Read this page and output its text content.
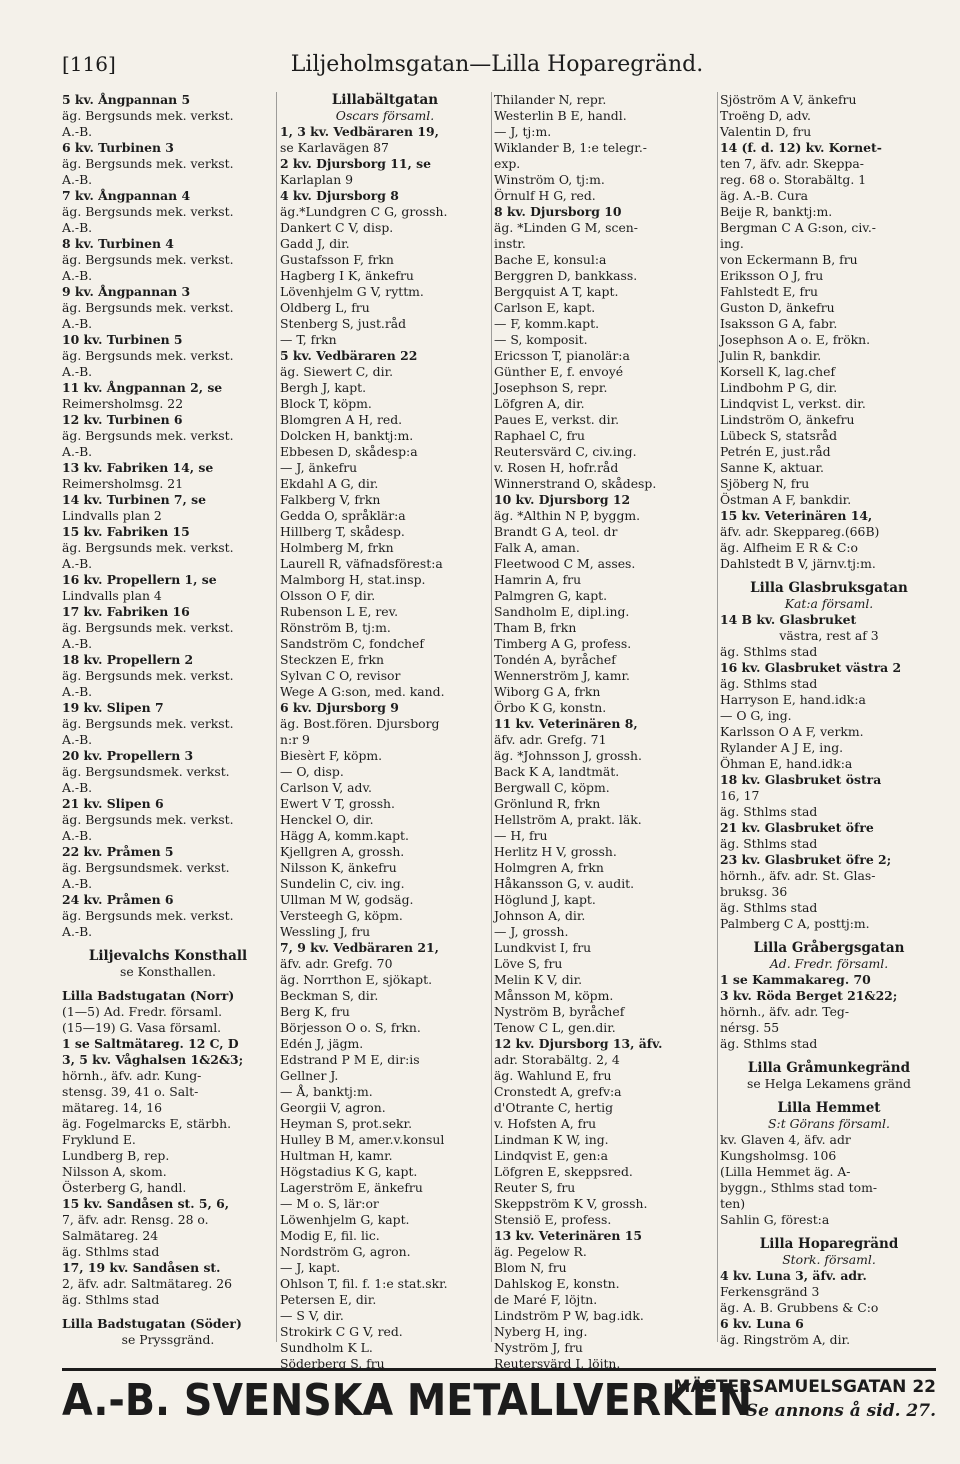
[116]	Liljeholmsgatan—Lilla Hoparegränd.
5 kv. Ångpannan 5
äg. Bergsunds mek. verkst.
A.-B.
6 kv. Turbinen 3
äg. Bergsunds mek. verkst.
A.-B.
7 kv. Ångpannan 4
äg. Bergsunds mek. verkst.
A.-B.
8 kv. Turbinen 4
äg. Bergsunds mek. verkst.
A.-B.
9 kv. Ångpannan 3
äg. Bergsunds mek. verkst.
A.-B.
10 kv. Turbinen 5
äg. Bergsunds mek. verkst.
A.-B.
11 kv. Ångpannan 2, se
Reimersholmsg. 22
12 kv. Turbinen 6
äg. Bergsunds mek. verkst.
A.-B.
13 kv. Fabriken 14, se
Reimersholmsg. 21
14 kv. Turbinen 7, se
Lindvalls plan 2
15 kv. Fabriken 15
äg. Bergsunds mek. verkst.
A.-B.
16 kv. Propellern 1, se
Lindvalls plan 4
17 kv. Fabriken 16
äg. Bergsunds mek. verkst.
A.-B.
18 kv. Propellern 2
äg. Bergsunds mek. verkst.
A.-B.
19 kv. Slipen 7
äg. Bergsunds mek. verkst.
A.-B.
20 kv. Propellern 3
äg. Bergsundsmek. verkst.
A.-B.
21 kv. Slipen 6
äg. Bergsunds mek. verkst.
A.-B.
22 kv. Pråmen 5
äg. Bergsundsmek. verkst.
A.-B.
24 kv. Pråmen 6
äg. Bergsunds mek. verkst.
A.-B.
Liljevalchs Konsthall
se Konsthallen.
Lilla Badstugatan (Norr)
(1—5) Ad. Fredr. församl.
(15—19) G. Vasa församl.
1 se Saltmätareg. 12 C, D
3, 5 kv. Våghalsen 1&2&3;
hörnh., äfv. adr. Kung-
stensg. 39, 41 o. Salt-
mätareg. 14, 16
äg. Fogelmarcks E, stärbh.
Fryklund E.
Lundberg B, rep.
Nilsson A, skom.
Österberg G, handl.
15 kv. Sandåsen st. 5, 6,
7, äfv. adr. Rensg. 28 o.
Salmätareg. 24
äg. Sthlms stad
17, 19 kv. Sandåsen st.
2, äfv. adr. Saltmätareg. 26
äg. Sthlms stad
Lilla Badstugatan (Söder)
se Pryssgränd.
Lillabältgatan
Oscars församl.
1, 3 kv. Vedbäraren 19,
se Karlavägen 87
2 kv. Djursborg 11, se
Karlaplan 9
4 kv. Djursborg 8
äg.*Lundgren C G, grossh.
Dankert C V, disp.
Gadd J, dir.
Gustafsson F, frkn
Hagberg I K, änkefru
Lövenhjelm G V, ryttm.
Oldberg L, fru
Stenberg S, just.råd
— T, frkn
5 kv. Vedbäraren 22
äg. Siewert C, dir.
Bergh J, kapt.
Block T, köpm.
Blomgren A H, red.
Dolcken H, banktj:m.
Ebbesen D, skådesp:a
— J, änkefru
Ekdahl A G, dir.
Falkberg V, frkn
Gedda O, språklär:a
Hillberg T, skådesp.
Holmberg M, frkn
Laurell R, väfnadsförest:a
Malmborg H, stat.insp.
Olsson O F, dir.
Rubenson L E, rev.
Rönström B, tj:m.
Sandström C, fondchef
Steckzen E, frkn
Sylvan C O, revisor
Wege A G:son, med. kand.
6 kv. Djursborg 9
äg. Bost.fören. Djursborg
n:r 9
Biesèrt F, köpm.
— O, disp.
Carlson V, adv.
Ewert V T, grossh.
Henckel O, dir.
Hägg A, komm.kapt.
Kjellgren A, grossh.
Nilsson K, änkefru
Sundelin C, civ. ing.
Ullman M W, godsäg.
Versteegh G, köpm.
Wessling J, fru
7, 9 kv. Vedbäraren 21,
äfv. adr. Grefg. 70
äg. Norrthon E, sjökapt.
Beckman S, dir.
Berg K, fru
Börjesson O o. S, frkn.
Edén J, jägm.
Edstrand P M E, dir:is
Gellner J.
— Å, banktj:m.
Georgii V, agron.
Heyman S, prot.sekr.
Hulley B M, amer.v.konsul
Hultman H, kamr.
Högstadius K G, kapt.
Lagerström E, änkefru
— M o. S, lär:or
Löwenhjelm G, kapt.
Modig E, fil. lic.
Nordström G, agron.
— J, kapt.
Ohlson T, fil. f. 1:e stat.skr.
Petersen E, dir.
— S V, dir.
Strokirk C G V, red.
Sundholm K L.
Söderberg S, fru
Thilander N, repr.
Westerlin B E, handl.
— J, tj:m.
Wiklander B, 1:e telegr.-
exp.
Winström O, tj:m.
Örnulf H G, red.
8 kv. Djursborg 10
äg. *Linden G M, scen-
instr.
Bache E, konsul:a
Berggren D, bankkass.
Bergquist A T, kapt.
Carlson E, kapt.
— F, komm.kapt.
— S, komposit.
Ericsson T, pianolär:a
Günther E, f. envoyé
Josephson S, repr.
Löfgren A, dir.
Paues E, verkst. dir.
Raphael C, fru
Reutersvärd C, civ.ing.
v. Rosen H, hofr.råd
Winnerstrand O, skådesp.
10 kv. Djursborg 12
äg. *Althin N P, byggm.
Brandt G A, teol. dr
Falk A, aman.
Fleetwood C M, asses.
Hamrin A, fru
Palmgren G, kapt.
Sandholm E, dipl.ing.
Tham B, frkn
Timberg A G, profess.
Tondén A, byråchef
Wennerström J, kamr.
Wiborg G A, frkn
Örbo K G, konstn.
11 kv. Veterinären 8,
äfv. adr. Grefg. 71
äg. *Johnsson J, grossh.
Back K A, landtmät.
Bergwall C, köpm.
Grönlund R, frkn
Hellström A, prakt. läk.
— H, fru
Herlitz H V, grossh.
Holmgren A, frkn
Håkansson G, v. audit.
Höglund J, kapt.
Johnson A, dir.
— J, grossh.
Lundkvist I, fru
Löve S, fru
Melin K V, dir.
Månsson M, köpm.
Nyström B, byråchef
Tenow C L, gen.dir.
12 kv. Djursborg 13, äfv.
adr. Storabältg. 2, 4
äg. Wahlund E, fru
Cronstedt A, grefv:a
d'Otrante C, hertig
v. Hofsten A, fru
Lindman K W, ing.
Lindqvist E, gen:a
Löfgren E, skeppsred.
Reuter S, fru
Skeppström K V, grossh.
Stensiö E, profess.
13 kv. Veterinären 15
äg. Pegelow R.
Blom N, fru
Dahlskog E, konstn.
de Maré F, löjtn.
Lindström P W, bag.idk.
Nyberg H, ing.
Nyström J, fru
Reutersvärd I, löjtn.
Sjöström A V, änkefru
Troëng D, adv.
Valentin D, fru
14 (f. d. 12) kv. Kornet-
ten 7, äfv. adr. Skeppa-
reg. 68 o. Storabältg. 1
äg. A.-B. Cura
Beije R, banktj:m.
Bergman C A G:son, civ.-
ing.
von Eckermann B, fru
Eriksson O J, fru
Fahlstedt E, fru
Guston D, änkefru
Isaksson G A, fabr.
Josephson A o. E, frökn.
Julin R, bankdir.
Korsell K, lag.chef
Lindbohm P G, dir.
Lindqvist L, verkst. dir.
Lindström O, änkefru
Lübeck S, statsråd
Petrén E, just.råd
Sanne K, aktuar.
Sjöberg N, fru
Östman A F, bankdir.
15 kv. Veterinären 14,
äfv. adr. Skeppareg.(66B)
äg. Alfheim E R & C:o
Dahlstedt B V, järnv.tj:m.
Lilla Glasbruksgatan
Kat:a församl.
14 B kv. Glasbruket
västra, rest af 3
äg. Sthlms stad
16 kv. Glasbruket västra 2
äg. Sthlms stad
Harryson E, hand.idk:a
— O G, ing.
Karlsson O A F, verkm.
Rylander A J E, ing.
Öhman E, hand.idk:a
18 kv. Glasbruket östra
16, 17
äg. Sthlms stad
21 kv. Glasbruket öfre
äg. Sthlms stad
23 kv. Glasbruket öfre 2;
hörnh., äfv. adr. St. Glas-
bruksg. 36
äg. Sthlms stad
Palmberg C A, posttj:m.
Lilla Gråbergsgatan
Ad. Fredr. församl.
1 se Kammakareg. 70
3 kv. Röda Berget 21&22;
hörnh., äfv. adr. Teg-
nérsg. 55
äg. Sthlms stad
Lilla Gråmunkegränd
se Helga Lekamens gränd
Lilla Hemmet
S:t Görans församl.
kv. Glaven 4, äfv. adr
Kungsholmsg. 106
(Lilla Hemmet äg. A-
byggn., Sthlms stad tom-
ten)
Sahlin G, förest:a
Lilla Hoparegränd
Stork. församl.
4 kv. Luna 3, äfv. adr.
Ferkensgränd 3
äg. A. B. Grubbens & C:o
6 kv. Luna 6
äg. Ringström A, dir.
A.-B. SVENSKA METALLVERKEN
MÄSTERSAMUELSGATAN 22
Se annons å sid. 27.
